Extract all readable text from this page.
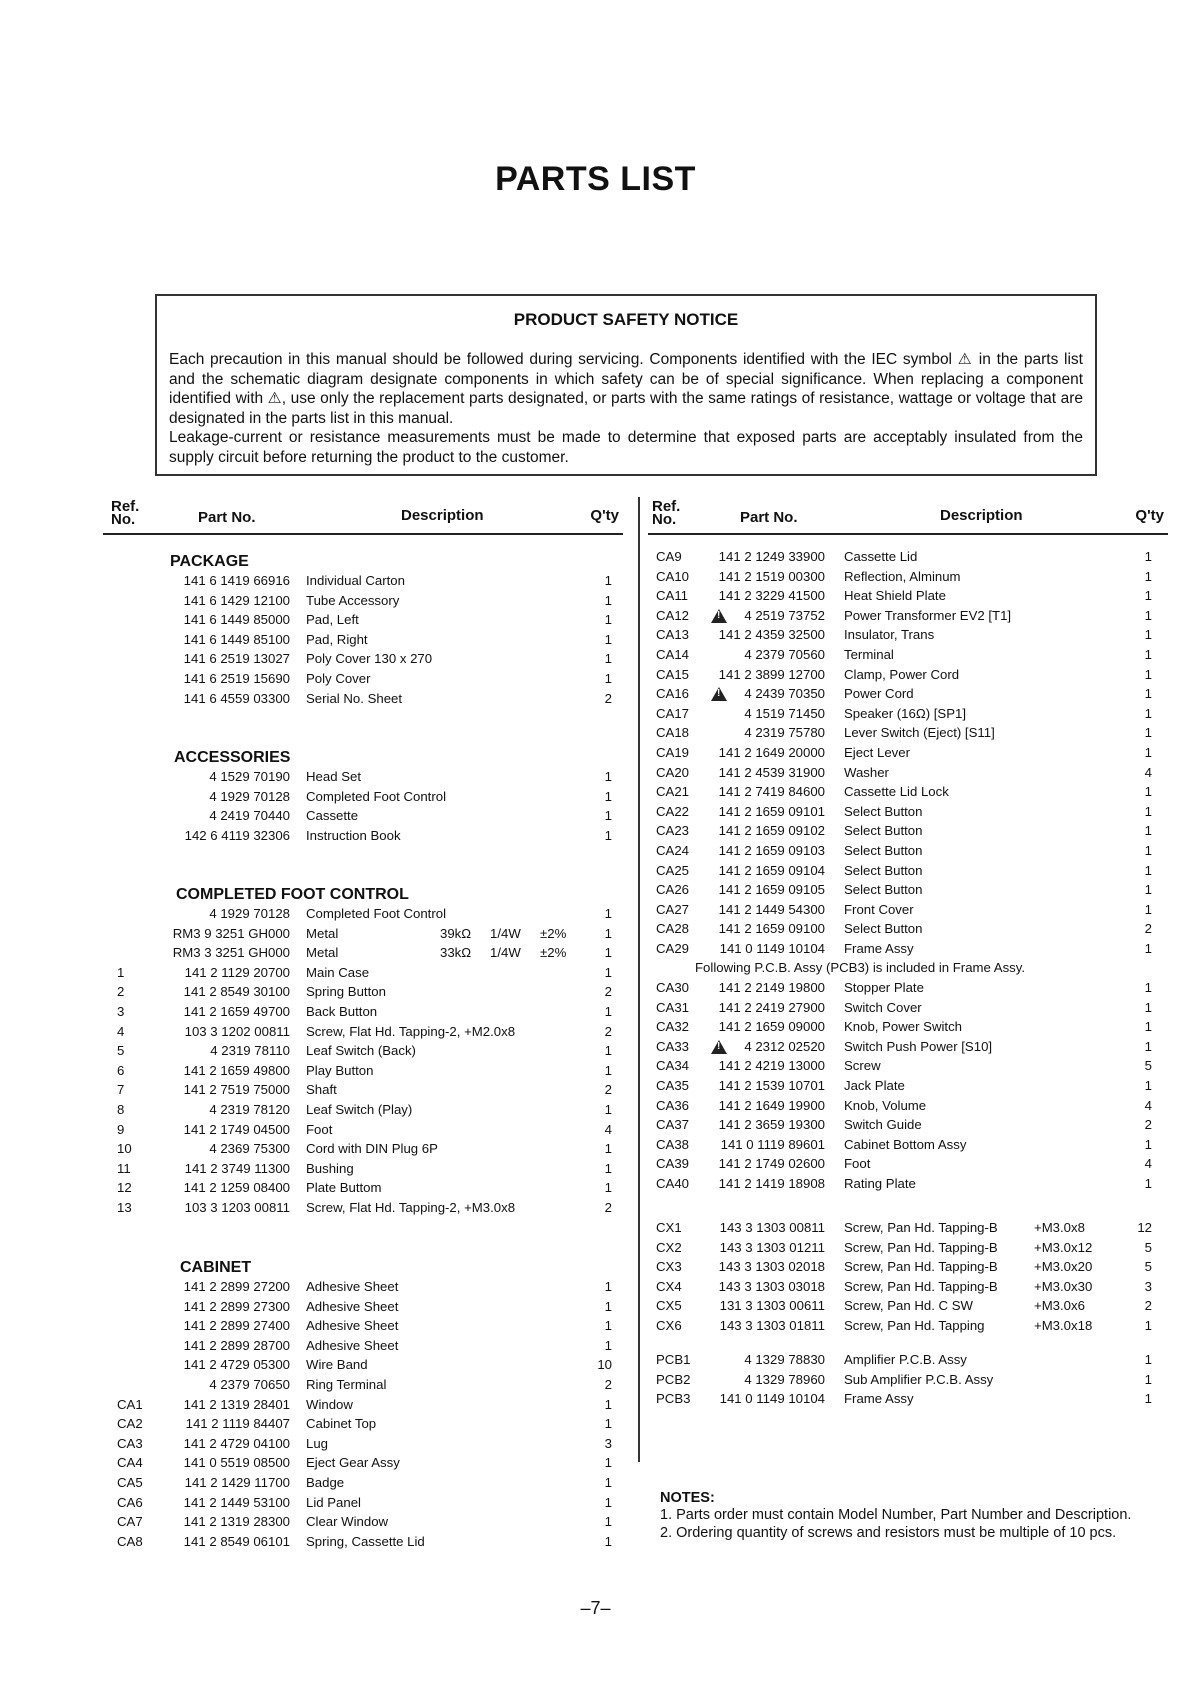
PARTS LIST
PRODUCT SAFETY NOTICE

Each precaution in this manual should be followed during servicing. Components identified with the IEC symbol ⚠ in the parts list and the schematic diagram designate components in which safety can be of special significance. When replacing a component identified with ⚠, use only the replacement parts designated, or parts with the same ratings of resistance, wattage or voltage that are designated in the parts list in this manual.

Leakage-current or resistance measurements must be made to determine that exposed parts are acceptably insulated from the supply circuit before returning the product to the customer.

Ref.
No.	Part No.	Description	Q'ty
Ref.
No.	Part No.	Description	Q'ty
PACKAGE
141 6 1419 66916 Individual Carton	1
141 6 1429 12100 Tube Accessory	1
141 6 1449 85000 Pad, Left	1
141 6 1449 85100 Pad, Right	1
141 6 2519 13027 Poly Cover 130 x 270	1
141 6 2519 15690 Poly Cover	1
141 6 4559 03300 Serial No. Sheet	2
ACCESSORIES
4 1529 70190 Head Set	1
4 1929 70128 Completed Foot Control	1
4 2419 70440 Cassette	1
142 6 4119 32306 Instruction Book	1
COMPLETED FOOT CONTROL
4 1929 70128 Completed Foot Control	1
RM3 9 3251 GH000 Metal	39kΩ 1/4W ±2%	1
RM3 3 3251 GH000 Metal	33kΩ 1/4W ±2%	1
1	141 2 1129 20700 Main Case	1
2	141 2 8549 30100 Spring Button	2
3	141 2 1659 49700 Back Button	1
4	103 3 1202 00811 Screw, Flat Hd. Tapping-2, +M2.0x8	2
5	4 2319 78110 Leaf Switch (Back)	1
6	141 2 1659 49800 Play Button	1
7	141 2 7519 75000 Shaft	2
8	4 2319 78120 Leaf Switch (Play)	1
9	141 2 1749 04500 Foot	4
10	4 2369 75300 Cord with DIN Plug 6P	1
11	141 2 3749 11300 Bushing	1
12	141 2 1259 08400 Plate Buttom	1
13	103 3 1203 00811 Screw, Flat Hd. Tapping-2, +M3.0x8	2
CABINET
141 2 2899 27200 Adhesive Sheet	1
141 2 2899 27300 Adhesive Sheet	1
141 2 2899 27400 Adhesive Sheet	1
141 2 2899 28700 Adhesive Sheet	1
141 2 4729 05300 Wire Band	10
4 2379 70650 Ring Terminal	2
CA1	141 2 1319 28401 Window	1
CA2	141 2 1119 84407 Cabinet Top	1
CA3	141 2 4729 04100 Lug	3
CA4	141 0 5519 08500 Eject Gear Assy	1
CA5	141 2 1429 11700 Badge	1
CA6	141 2 1449 53100 Lid Panel	1
CA7	141 2 1319 28300 Clear Window	1
CA8	141 2 8549 06101 Spring, Cassette Lid	1
CA9	141 2 1249 33900 Cassette Lid	1
CA10 141 2 1519 00300 Reflection, Alminum	1
CA11 141 2 3229 41500 Heat Shield Plate	1
CA12 !	4 2519 73752 Power Transformer EV2 [T1]	1
CA13 141 2 4359 32500 Insulator, Trans	1
CA14	4 2379 70560 Terminal	1
CA15 141 2 3899 12700 Clamp, Power Cord	1
CA16 !	4 2439 70350 Power Cord	1
CA17	4 1519 71450 Speaker (16Ω) [SP1]	1
CA18	4 2319 75780 Lever Switch (Eject) [S11]	1
CA19 141 2 1649 20000 Eject Lever	1
CA20 141 2 4539 31900 Washer	4
CA21 141 2 7419 84600 Cassette Lid Lock	1
CA22 141 2 1659 09101 Select Button	1
CA23 141 2 1659 09102 Select Button	1
CA24 141 2 1659 09103 Select Button	1
CA25 141 2 1659 09104 Select Button	1
CA26 141 2 1659 09105 Select Button	1
CA27 141 2 1449 54300 Front Cover	1
CA28 141 2 1659 09100 Select Button	2
CA29 141 0 1149 10104 Frame Assy	1
Following P.C.B. Assy (PCB3) is included in Frame Assy.
CA30 141 2 2149 19800 Stopper Plate	1
CA31 141 2 2419 27900 Switch Cover	1
CA32 141 2 1659 09000 Knob, Power Switch	1
CA33 !	4 2312 02520 Switch Push Power [S10]	1
CA34 141 2 4219 13000 Screw	5
CA35 141 2 1539 10701 Jack Plate	1
CA36 141 2 1649 19900 Knob, Volume	4
CA37 141 2 3659 19300 Switch Guide	2
CA38 141 0 1119 89601 Cabinet Bottom Assy	1
CA39 141 2 1749 02600 Foot	4
CA40 141 2 1419 18908 Rating Plate	1
CX1	143 3 1303 00811 Screw, Pan Hd. Tapping-B	+M3.0x8	12
CX2	143 3 1303 01211 Screw, Pan Hd. Tapping-B	+M3.0x12	5
CX3	143 3 1303 02018 Screw, Pan Hd. Tapping-B	+M3.0x20	5
CX4	143 3 1303 03018 Screw, Pan Hd. Tapping-B	+M3.0x30	3
CX5	131 3 1303 00611 Screw, Pan Hd. C SW	+M3.0x6	2
CX6	143 3 1303 01811 Screw, Pan Hd. Tapping	+M3.0x18	1
PCB1	4 1329 78830 Amplifier P.C.B. Assy	1
PCB2	4 1329 78960 Sub Amplifier P.C.B. Assy	1
PCB3 141 0 1149 10104 Frame Assy	1
NOTES:
1. Parts order must contain Model Number, Part Number and Description.
2. Ordering quantity of screws and resistors must be multiple of 10 pcs.
–7–
